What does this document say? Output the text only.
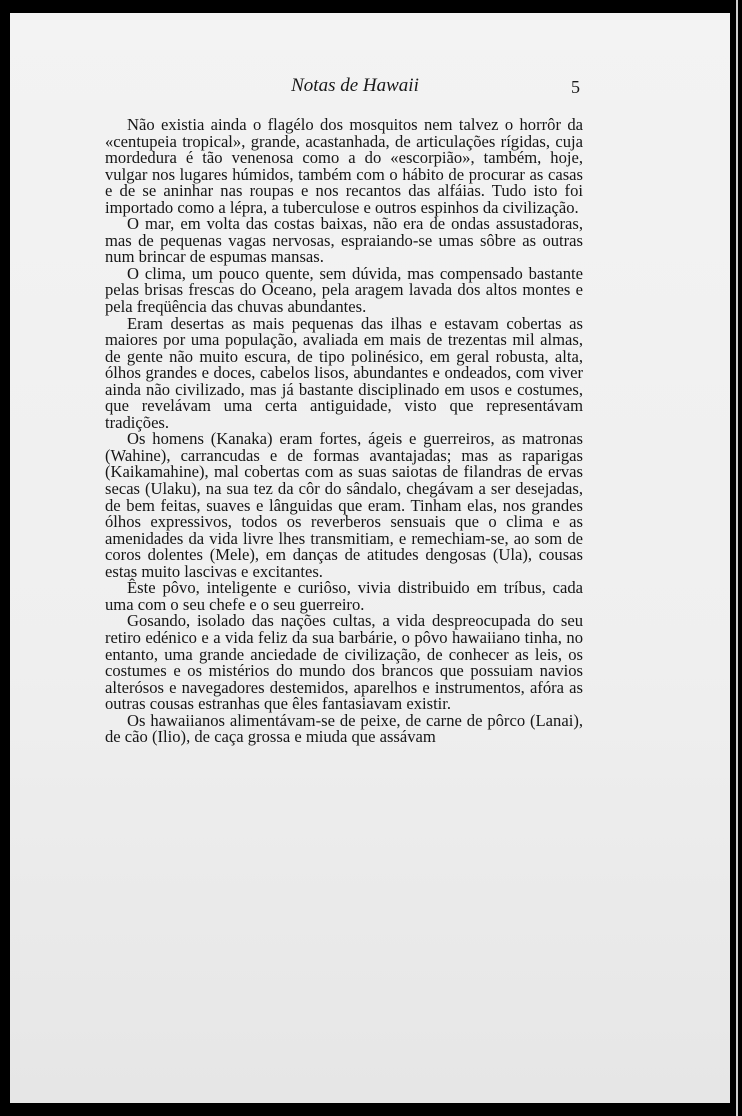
Notas de Hawaii	5

Não existia ainda o flagélo dos mosquitos nem talvez o horrôr da «centupeia tropical», grande, acastanhada, de articulações rígidas, cuja mordedura é tão venenosa como a do «escorpião», também, hoje, vulgar nos lugares húmidos, também com o hábito de procurar as casas e de se aninhar nas roupas e nos recantos das alfáias. Tudo isto foi importado como a lépra, a tuberculose e outros espinhos da civilização.

O mar, em volta das costas baixas, não era de ondas assustadoras, mas de pequenas vagas nervosas, espraiando-se umas sôbre as outras num brincar de espumas mansas.

O clima, um pouco quente, sem dúvida, mas compensado bastante pelas brisas frescas do Oceano, pela aragem lavada dos altos montes e pela freqüência das chuvas abundantes.

Eram desertas as mais pequenas das ilhas e estavam cobertas as maiores por uma população, avaliada em mais de trezentas mil almas, de gente não muito escura, de tipo polinésico, em geral robusta, alta, ólhos grandes e doces, cabelos lisos, abundantes e ondeados, com viver ainda não civilizado, mas já bastante disciplinado em usos e costumes, que revelávam uma certa antiguidade, visto que representávam tradições.

Os homens (Kanaka) eram fortes, ágeis e guerreiros, as matronas (Wahine), carrancudas e de formas avantajadas; mas as raparigas (Kaikamahine), mal cobertas com as suas saiotas de filandras de ervas secas (Ulaku), na sua tez da côr do sândalo, chegávam a ser desejadas, de bem feitas, suaves e lânguidas que eram. Tinham elas, nos grandes ólhos expressivos, todos os reverberos sensuais que o clima e as amenidades da vida livre lhes transmitiam, e remechiam-se, ao som de coros dolentes (Mele), em danças de atitudes dengosas (Ula), cousas estas muito lascivas e excitantes.

Êste pôvo, inteligente e curiôso, vivia distribuido em tríbus, cada uma com o seu chefe e o seu guerreiro.

Gosando, isolado das nações cultas, a vida despreocupada do seu retiro edénico e a vida feliz da sua barbárie, o pôvo hawaiiano tinha, no entanto, uma grande anciedade de civilização, de conhecer as leis, os costumes e os mistérios do mundo dos brancos que possuiam navios alterósos e navegadores destemidos, aparelhos e instrumentos, afóra as outras cousas estranhas que êles fantasiavam existir.

Os hawaiianos alimentávam-se de peixe, de carne de pôrco (Lanai), de cão (Ilio), de caça grossa e miuda que assávam
